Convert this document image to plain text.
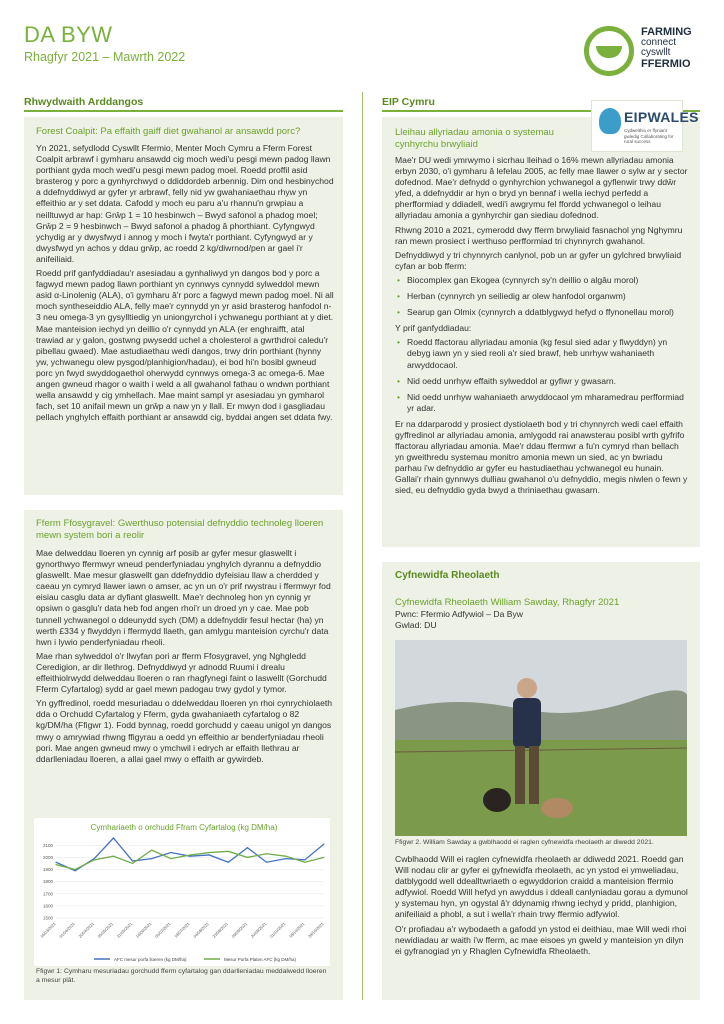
DA BYW
Rhagfyr 2021 – Mawrth 2022
FARMING
connect
cyswllt
FFERMIO
Rhwydwaith Arddangos
Forest Coalpit: Pa effaith gaiff diet gwahanol ar ansawdd porc?

Yn 2021, sefydlodd Cyswllt Ffermio, Menter Moch Cymru a Fferm Forest Coalpit arbrawf i gymharu ansawdd cig moch wedi'u pesgi mewn padog llawn porthiant gyda moch wedi'u pesgi mewn padog moel. Roedd proffil asid brasterog y porc a gynhyrchwyd o ddiddordeb arbennig. Dim ond hesbinychod a ddefnyddiwyd ar gyfer yr arbrawf, felly nid yw gwahaniaethau rhyw yn effeithio ar y set ddata. Cafodd y moch eu paru a'u rhannu'n grwpiau a neilltuwyd ar hap: Grŵp 1 = 10 hesbinwch – Bwyd safonol a phadog moel; Grŵp 2 = 9 hesbinwch – Bwyd safonol a phadog â phorthiant. Cyfyngwyd ychydig ar y dwysfwyd i annog y moch i fwyta'r porthiant. Cyfyngwyd ar y dwysfwyd yn achos y ddau grŵp, ac roedd 2 kg/diwrnod/pen ar gael i'r anifeiliaid.

Roedd prif ganfyddiadau'r asesiadau a gynhaliwyd yn dangos bod y porc a fagwyd mewn padog llawn porthiant yn cynnwys cynnydd sylweddol mewn asid α-Linolenig (ALA), o'i gymharu â'r porc a fagwyd mewn padog moel. Ni all moch syntheseiddio ALA, felly mae'r cynnydd yn yr asid brasterog hanfodol n-3 neu omega-3 yn gysylltiedig yn uniongyrchol i ychwanegu porthiant at y diet. Mae manteision iechyd yn deillio o'r cynnydd yn ALA (er enghraifft, atal trawiad ar y galon, gostwng pwysedd uchel a cholesterol a gwrthdroi caledu'r pibellau gwaed). Mae astudiaethau wedi dangos, trwy drin porthiant (hynny yw, ychwanegu olew pysgod/planhigion/hadau), ei bod hi'n bosibl gwneud porc yn fwyd swyddogaethol oherwydd cynnwys omega-3 ac omega-6. Mae angen gwneud rhagor o waith i weld a all gwahanol fathau o wndwn porthiant wella ansawdd y cig ymhellach. Mae maint sampl yr asesiadau yn gymharol fach, set 10 anifail mewn un grŵp a naw yn y llall. Er mwyn dod i gasgliadau pellach ynghylch effaith porthiant ar ansawdd cig, byddai angen set ddata fwy.

Fferm Ffosygravel: Gwerthuso potensial defnyddio technoleg lloeren mewn system bori a reolir

Mae delweddau lloeren yn cynnig arf posib ar gyfer mesur glaswellt i gynorthwyo ffermwyr wneud penderfyniadau ynghylch dyrannu a defnyddio glaswellt. Mae mesur glaswellt gan ddefnyddio dyfeisiau llaw a cherdded y caeau yn cymryd llawer iawn o amser, ac yn un o'r prif rwystrau i ffermwyr fod eisiau casglu data ar dyfiant glaswellt. Mae'r dechnoleg hon yn cynnig yr opsiwn o gasglu'r data heb fod angen rhoi'r un droed yn y cae. Mae pob tunnell ychwanegol o ddeunydd sych (DM) a ddefnyddir fesul hectar (ha) yn werth £334 y flwyddyn i ffermydd llaeth, gan amlygu manteision cyrchu'r data hwn i lywio penderfyniadau rheoli.

Mae rhan sylweddol o'r llwyfan pori ar fferm Ffosygravel, yng Nghgledd Ceredigion, ar dir llethrog. Defnyddiwyd yr adnodd Ruumi i drealu effeithiolrwydd delweddau lloeren o ran rhagfynegi faint o laswellt (Gorchudd Fferm Cyfartalog) sydd ar gael mewn padogau trwy gydol y tymor.

Yn gyffredinol, roedd mesuriadau o ddelweddau lloeren yn rhoi cynrychiolaeth dda o Orchudd Cyfartalog y Fferm, gyda gwahaniaeth cyfartalog o 82 kg/DM/ha (Ffigwr 1). Fodd bynnag, roedd gorchudd y caeau unigol yn dangos mwy o amrywiad rhwng ffigyrau a oedd yn effeithio ar benderfyniadau rheoli pori. Mae angen gwneud mwy o ymchwil i edrych ar effaith llethrau ar ddarlleniadau lloeren, a allai gael mwy o effaith ar gywirdeb.

Ffigwr 1: Cymharu mesuriadau gorchudd fferm cyfartalog gan ddarlleniadau meddalwedd lloeren a mesur plât.
Cymhariaeth o orchudd Ffram Cyfartalog (kg DM/ha)
2100
2000
1900
1800
1700
1600
1500
16/03/2021 01/04/2021 20/04/2021 05/05/2021 31/05/2021 14/06/2021 05/07/2021 19/07/2021 04/08/2021 23/08/2021 09/09/2021 20/09/2021 01/10/2021 18/10/2021 29/10/2021
AFC mesur porfa lloeren (kg DM/ha)	Mesur Porfa Platen AFC (kg DM/ha)
EIP Cymru
Lleihau allyriadau amonia o systemau cynhyrchu brwyliaid

Mae'r DU wedi ymrwymo i sicrhau lleihad o 16% mewn allyriadau amonia erbyn 2030, o'i gymharu â lefelau 2005, ac felly mae llawer o sylw ar y sector dofednod. Mae'r defnydd o gynhyrchion ychwanegol a gyflenwir trwy ddŵr yfed, a ddefnyddir ar hyn o bryd yn bennaf i wella iechyd perfedd a pherfformiad y ddiadell, wedi'i awgrymu fel ffordd ychwanegol o leihau allyriadau amonia a gynhyrchir gan siediau dofednod.

Rhwng 2010 a 2021, cymerodd dwy fferm brwyliaid fasnachol yng Nghymru ran mewn prosiect i werthuso perfformiad tri chynnyrch gwahanol.

Defnyddiwyd y tri chynnyrch canlynol, pob un ar gyfer un gylchred brwyliaid cyfan ar bob fferm:

• Biocomplex gan Ekogea (cynnyrch sy'n deillio o algâu morol)
• Herban (cynnyrch yn seiliedig ar olew hanfodol organwm)
• Searup gan Olmix (cynnyrch a ddatblygwyd hefyd o ffynonellau morol)

Y prif ganfyddiadau:

• Roedd ffactorau allyriadau amonia (kg fesul sied adar y flwyddyn) yn debyg iawn yn y sied reoli a'r sied brawf, heb unrhyw wahaniaeth arwyddocaol.
• Nid oedd unrhyw effaith sylweddol ar gyfiwr y gwasarn.
• Nid oedd unrhyw wahaniaeth arwyddocaol ym mharamedrau perfformiad yr adar.

Er na ddarparodd y prosiect dystiolaeth bod y tri chynnyrch wedi cael effaith gyffredinol ar allyriadau amonia, amlygodd rai anawsterau posibl wrth gyfrifo ffactorau allyriadau amonia. Mae'r ddau ffermwr a fu'n cymryd rhan bellach yn gweithredu systemau monitro amonia mewn un sied, ac yn bwriadu parhau i'w defnyddio ar gyfer eu hastudiaethau ychwanegol eu hunain. Gallai'r rhain gynnwys dulliau gwahanol o'u defnyddio, megis niwlen o fewn y sied, eu defnyddio gyda bwyd a thriniaethau gwasarn.

EIPWALES
Cydweithio er ffyniant gwledig Collaborating for rural success
Cyfnewidfa Rheolaeth
Cyfnewidfa Rheolaeth William Sawday, Rhagfyr 2021
Pwnc: Ffermio Adfywiol – Da Byw
Gwlad: DU
Ffigwr 2. William Sawday a gwblhaodd ei raglen cyfnewidfa rheolaeth ar diwedd 2021.

Cwblhaodd Will ei raglen cyfnewidfa rheolaeth ar ddiwedd 2021. Roedd gan Will nodau clir ar gyfer ei gyfnewidfa rheolaeth, ac yn ystod ei ymweliadau, datblygodd well ddealltwriaeth o egwyddorion craidd a manteision ffermio adfywiol. Roedd Will hefyd yn awyddus i ddeall canlyniadau gorau a dymunol y systemau hyn, yn ogystal â'r ddynamig rhwng iechyd y pridd, planhigion, anifeiliaid a phobl, a sut i wella'r rhain trwy ffermio adfywiol.

O'r profiadau a'r wybodaeth a gafodd yn ystod ei deithiau, mae Will wedi rhoi newidiadau ar waith i'w fferm, ac mae eisoes yn gweld y manteision yn dilyn ei gyfranogiad yn y Rhaglen Cyfnewidfa Rheolaeth.
